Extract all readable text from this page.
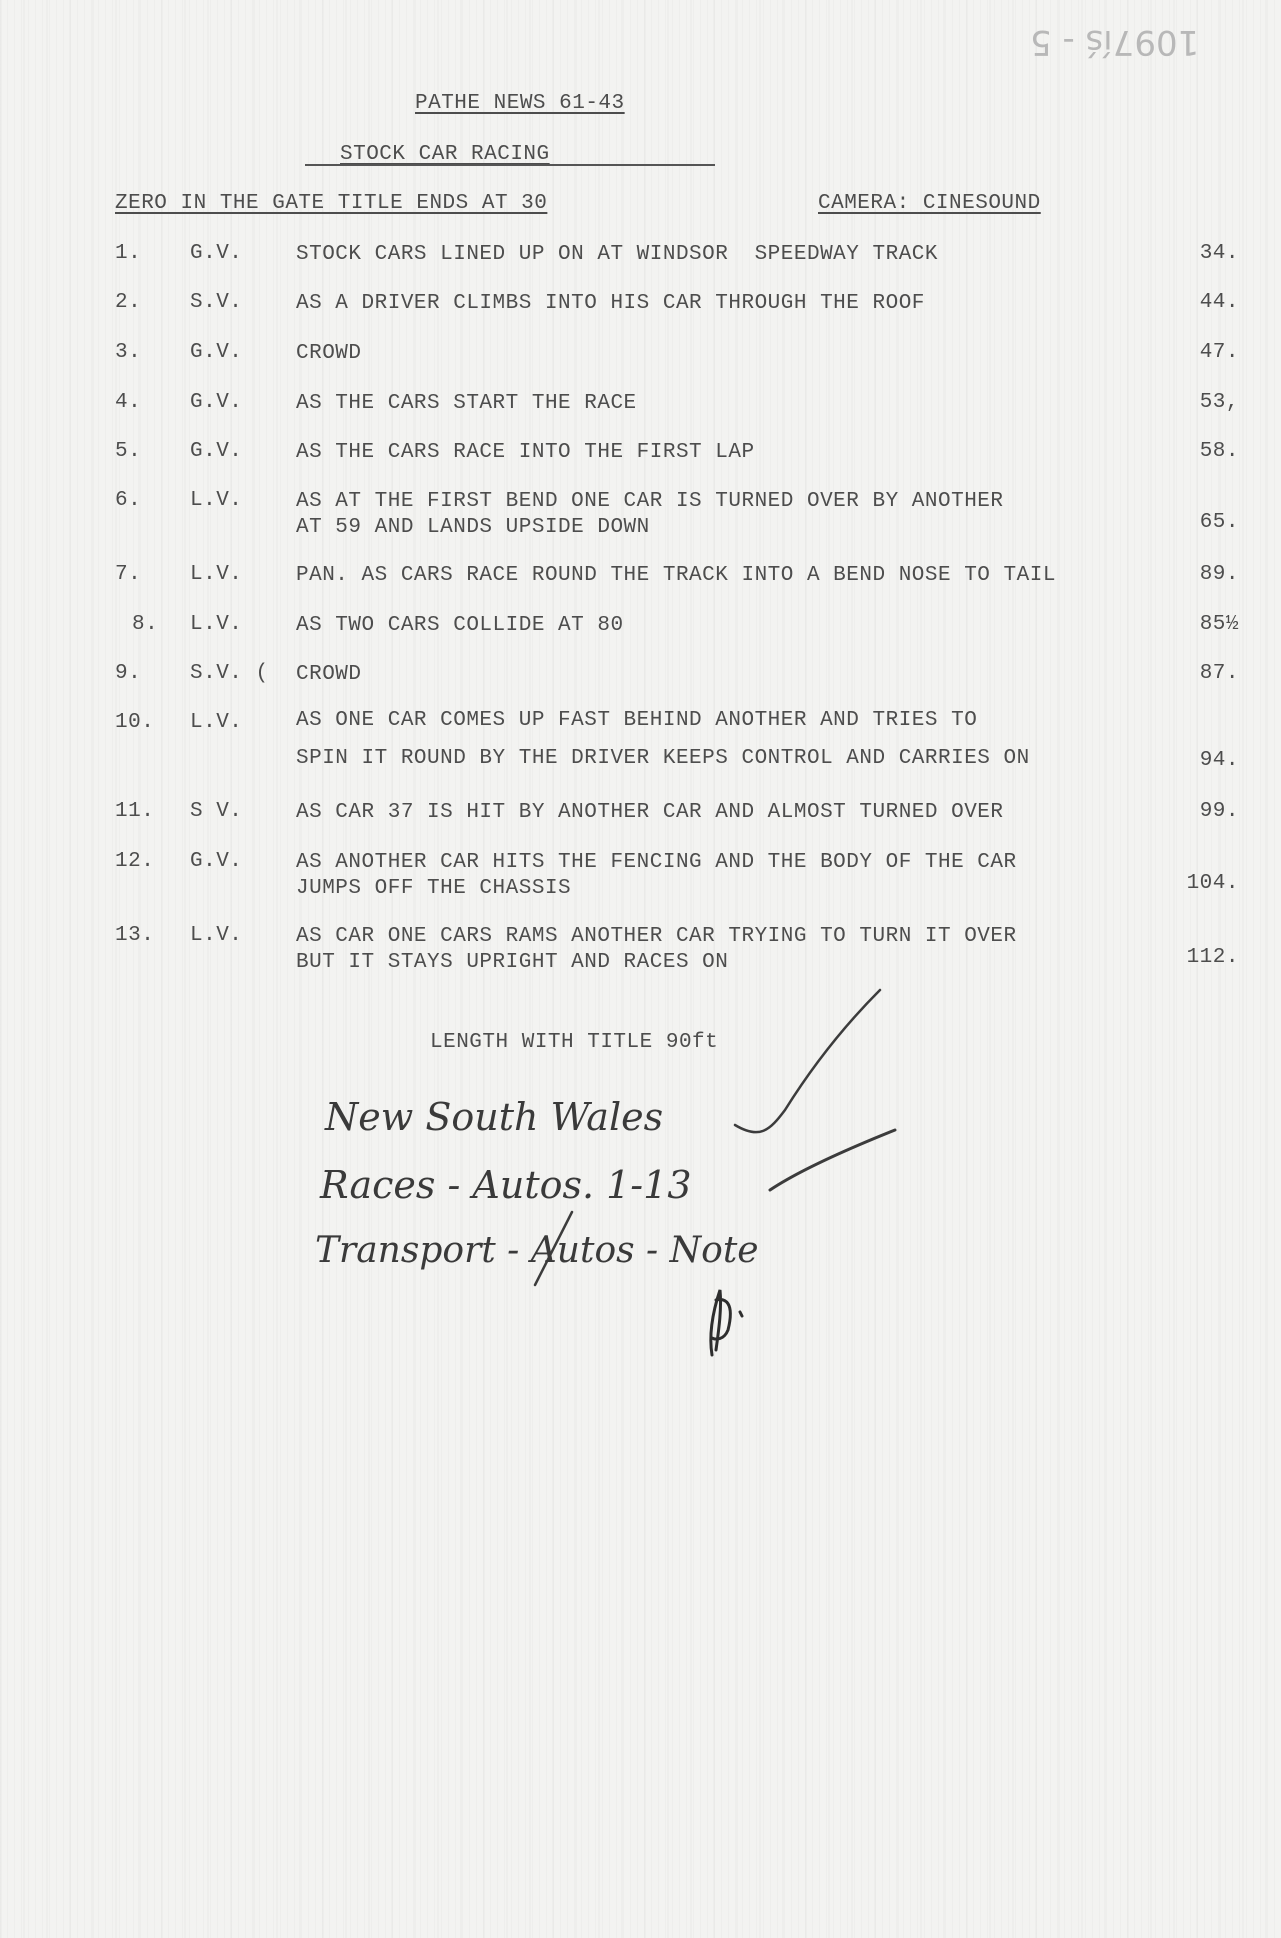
1097íś - 5
PATHE NEWS 61-43
STOCK CAR RACING
ZERO IN THE GATE TITLE ENDS AT 30	CAMERA: CINESOUND
1. G.V.	STOCK CARS LINED UP ON AT WINDSOR  SPEEDWAY TRACK	34.
2. S.V.	AS A DRIVER CLIMBS INTO HIS CAR THROUGH THE ROOF	44.
3. G.V.	CROWD	47.
4. G.V.	AS THE CARS START THE RACE	53,
5. G.V.	AS THE CARS RACE INTO THE FIRST LAP	58.
6. L.V.	AS AT THE FIRST BEND ONE CAR IS TURNED OVER BY ANOTHER
AT 59 AND LANDS UPSIDE DOWN	65.
7. L.V.	PAN. AS CARS RACE ROUND THE TRACK INTO A BEND NOSE TO TAIL	89.
8. L.V.	AS TWO CARS COLLIDE AT 80	85½
9. S.V. ( CROWD	87.
10. L.V.	AS ONE CAR COMES UP FAST BEHIND ANOTHER AND TRIES TO

SPIN IT ROUND BY THE DRIVER KEEPS CONTROL AND CARRIES ON	94.
11. S V.	AS CAR 37 IS HIT BY ANOTHER CAR AND ALMOST TURNED OVER	99.
12. G.V.	AS ANOTHER CAR HITS THE FENCING AND THE BODY OF THE CAR
JUMPS OFF THE CHASSIS	104.
13. L.V.	AS CAR ONE CARS RAMS ANOTHER CAR TRYING TO TURN IT OVER
BUT IT STAYS UPRIGHT AND RACES ON	112.
LENGTH WITH TITLE 90ft
New South Wales
Races - Autos. 1-13
Transport - Autos - Note
